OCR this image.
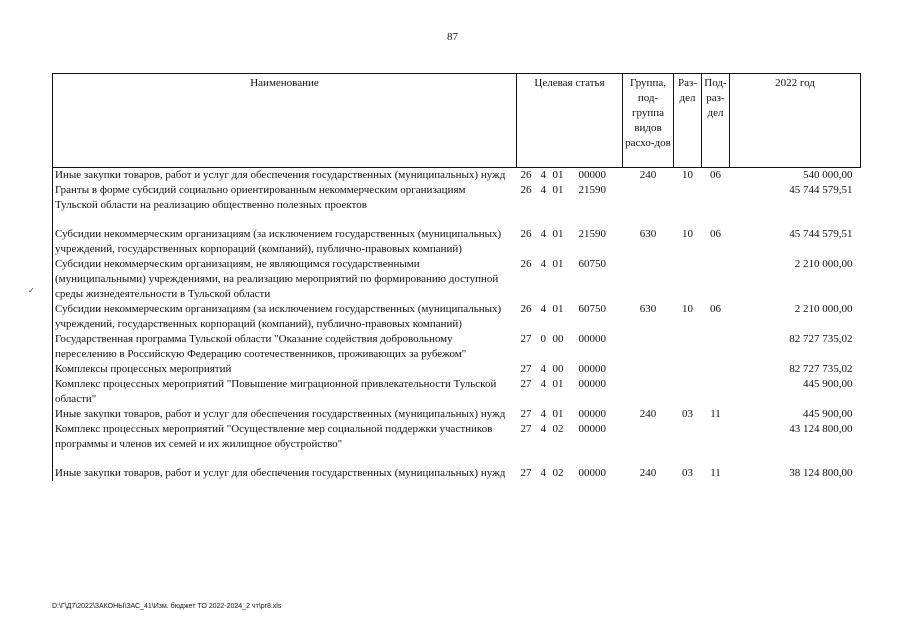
87
Наименование	Целевая статья				Группа, под-группа видов расхо-дов	Раз-дел	Под-раз-дел	2022 год
Иные закупки товаров, работ и услуг для обеспечения государственных (муниципальных) нужд	26	4	01	00000	240	10	06	540 000,00
Гранты в форме субсидий социально ориентированным некоммерческим организациям Тульской области на реализацию общественно полезных проектов	26	4	01	21590				45 744 579,51

Субсидии некоммерческим организациям (за исключением государственных (муниципальных) учреждений, государственных корпораций (компаний), публично-правовых компаний)	26	4	01	21590	630	10	06	45 744 579,51
Субсидии некоммерческим организациям, не являющимся государственными (муниципальными) учреждениями, на реализацию мероприятий по формированию доступной среды жизнедеятельности в Тульской области	26	4	01	60750				2 210 000,00
Субсидии некоммерческим организациям (за исключением государственных (муниципальных) учреждений, государственных корпораций (компаний), публично-правовых компаний)	26	4	01	60750	630	10	06	2 210 000,00
Государственная программа Тульской области "Оказание содействия добровольному переселению в Российскую Федерацию соотечественников, проживающих за рубежом"	27	0	00	00000				82 727 735,02
Комплексы процессных мероприятий	27	4	00	00000				82 727 735,02
Комплекс процессных мероприятий "Повышение миграционной привлекательности Тульской области"	27	4	01	00000				445 900,00
Иные закупки товаров, работ и услуг для обеспечения государственных (муниципальных) нужд	27	4	01	00000	240	03	11	445 900,00
Комплекс процессных мероприятий "Осуществление мер социальной поддержки участников программы и членов их семей и их жилищное обустройство"	27	4	02	00000				43 124 800,00

Иные закупки товаров, работ и услуг для обеспечения государственных (муниципальных) нужд	27	4	02	00000	240	03	11	38 124 800,00
✓
D:\Г\Д7\2022\ЗАКОНЫ\ЗАС_41\Изм. бюджет ТО 2022-2024_2 чт\pr8.xls
